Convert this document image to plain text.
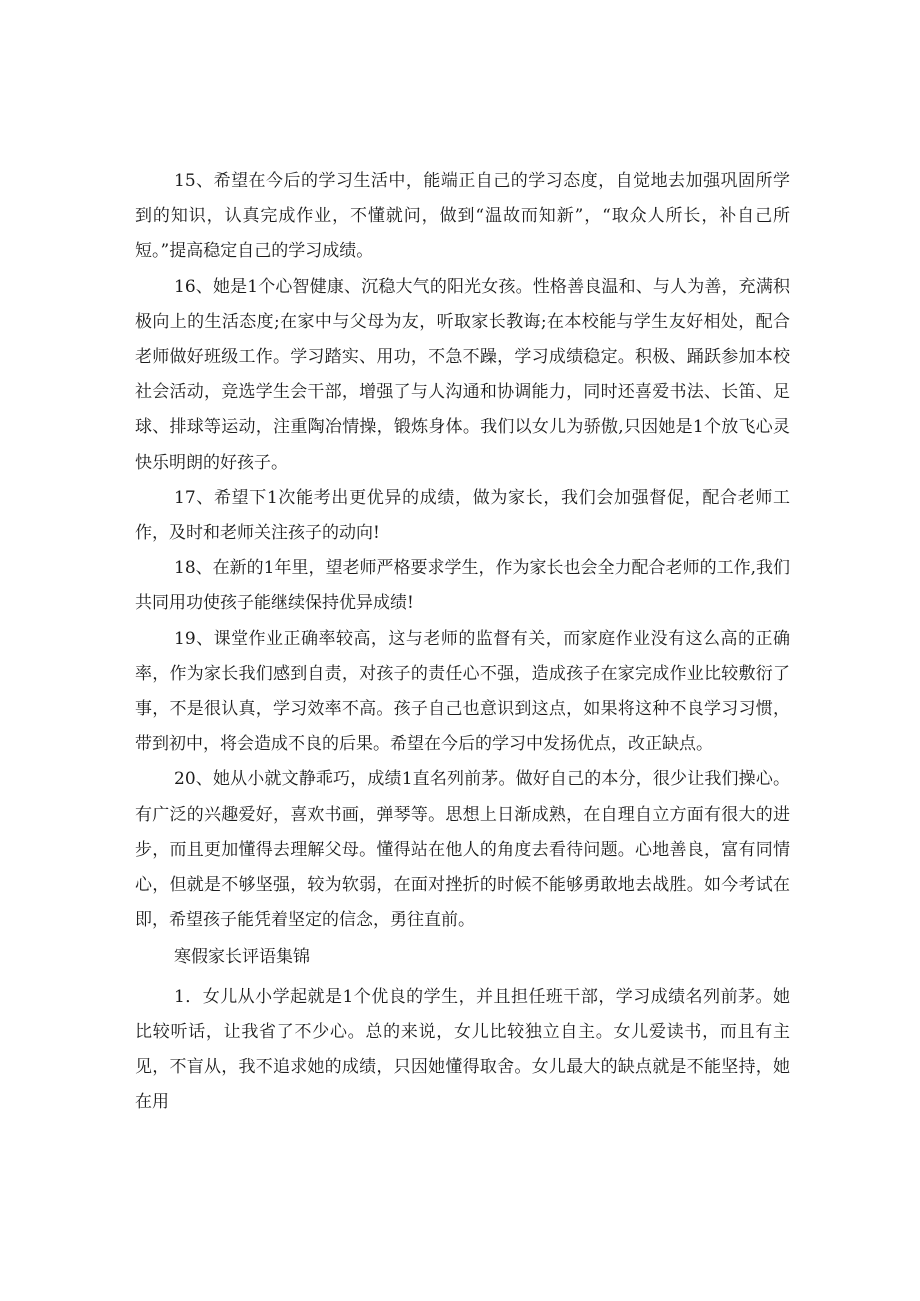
15、希望在今后的学习生活中，能端正自己的学习态度，自觉地去加强巩固所学到的知识，认真完成作业，不懂就问，做到“温故而知新”，“取众人所长，补自己所短。”提高稳定自己的学习成绩。

16、她是1个心智健康、沉稳大气的阳光女孩。性格善良温和、与人为善，充满积极向上的生活态度;在家中与父母为友，听取家长教诲;在本校能与学生友好相处，配合老师做好班级工作。学习踏实、用功，不急不躁，学习成绩稳定。积极、踊跃参加本校社会活动，竞选学生会干部，增强了与人沟通和协调能力，同时还喜爱书法、长笛、足球、排球等运动，注重陶冶情操，锻炼身体。我们以女儿为骄傲,只因她是1个放飞心灵快乐明朗的好孩子。

17、希望下1次能考出更优异的成绩，做为家长，我们会加强督促，配合老师工作，及时和老师关注孩子的动向!

18、在新的1年里，望老师严格要求学生，作为家长也会全力配合老师的工作,我们共同用功使孩子能继续保持优异成绩!

19、课堂作业正确率较高，这与老师的监督有关，而家庭作业没有这么高的正确率，作为家长我们感到自责，对孩子的责任心不强，造成孩子在家完成作业比较敷衍了事，不是很认真，学习效率不高。孩子自己也意识到这点，如果将这种不良学习习惯，带到初中，将会造成不良的后果。希望在今后的学习中发扬优点，改正缺点。

20、她从小就文静乖巧，成绩1直名列前茅。做好自己的本分，很少让我们操心。有广泛的兴趣爱好，喜欢书画，弹琴等。思想上日渐成熟，在自理自立方面有很大的进步，而且更加懂得去理解父母。懂得站在他人的角度去看待问题。心地善良，富有同情心，但就是不够坚强，较为软弱，在面对挫折的时候不能够勇敢地去战胜。如今考试在即，希望孩子能凭着坚定的信念，勇往直前。

寒假家长评语集锦

1．女儿从小学起就是1个优良的学生，并且担任班干部，学习成绩名列前茅。她比较听话，让我省了不少心。总的来说，女儿比较独立自主。女儿爱读书，而且有主见，不盲从，我不追求她的成绩，只因她懂得取舍。女儿最大的缺点就是不能坚持，她在用
